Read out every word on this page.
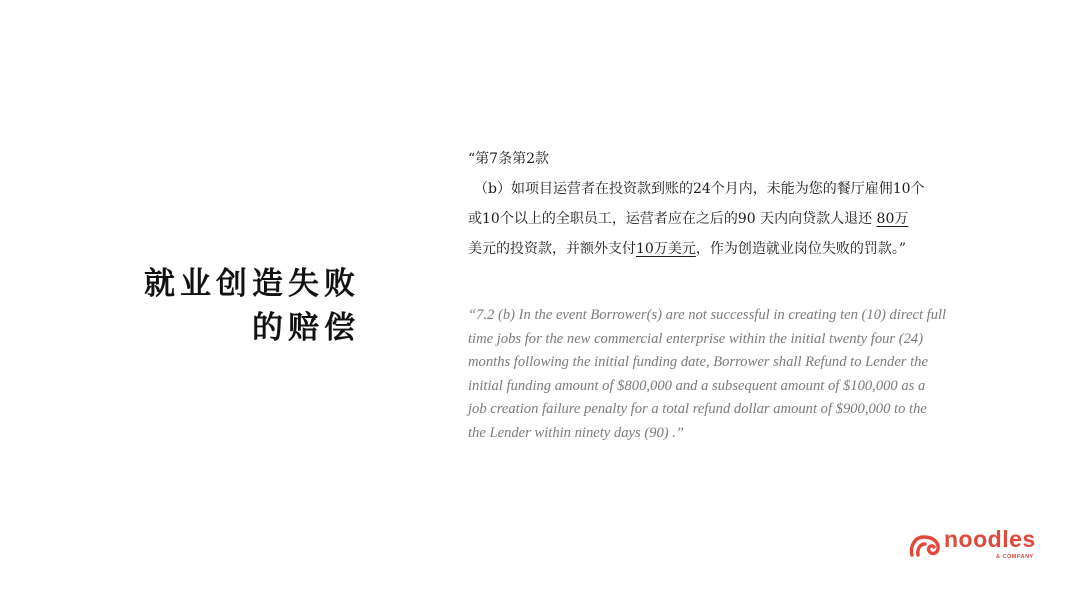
就业创造失败
的赔偿
“第7条第2款
（b）如项目运营者在投资款到账的24个月内，未能为您的餐厅雇佣10个
或10个以上的全职员工，运营者应在之后的90 天内向贷款人退还 80万
美元的投资款，并额外支付10万美元，作为创造就业岗位失败的罚款。”
“7.2 (b) In the event Borrower(s) are not successful in creating ten (10) direct full
time jobs for the new commercial enterprise within the initial twenty four (24)
months following the initial funding date, Borrower shall Refund to Lender the
initial funding amount of $800,000 and a subsequent amount of $100,000 as a
job creation failure penalty for a total refund dollar amount of $900,000 to the
the Lender within ninety days (90) .”
noodles
& COMPANY
